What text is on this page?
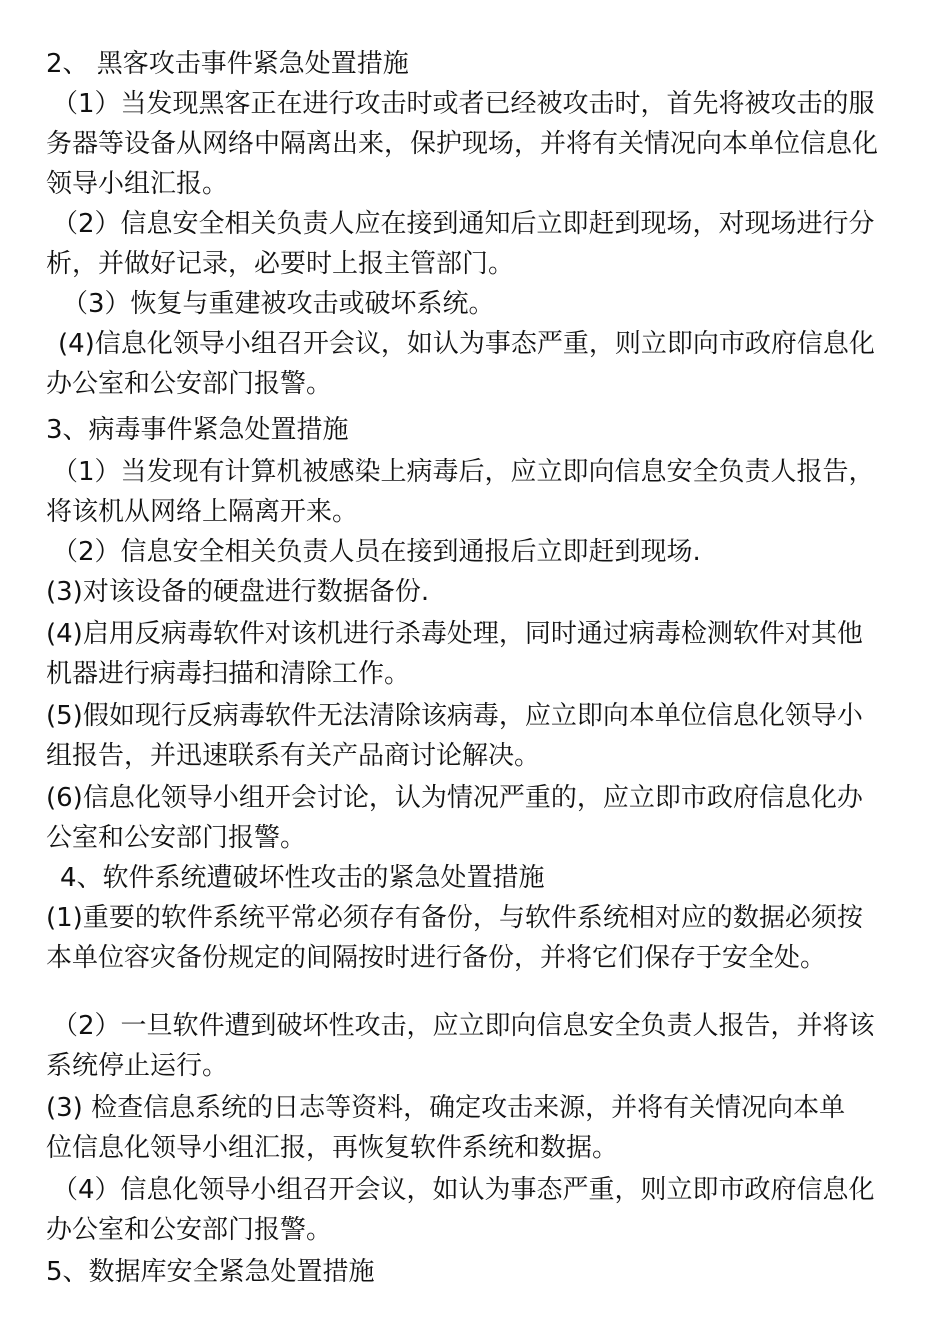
2、 黑客攻击事件紧急处置措施
（1）当发现黑客正在进行攻击时或者已经被攻击时，首先将被攻击的服
务器等设备从网络中隔离出来，保护现场，并将有关情况向本单位信息化
领导小组汇报。
（2）信息安全相关负责人应在接到通知后立即赶到现场，对现场进行分
析，并做好记录，必要时上报主管部门。
（3）恢复与重建被攻击或破坏系统。
(4)信息化领导小组召开会议，如认为事态严重，则立即向市政府信息化
办公室和公安部门报警。
3、病毒事件紧急处置措施
（1）当发现有计算机被感染上病毒后，应立即向信息安全负责人报告，
将该机从网络上隔离开来。
（2）信息安全相关负责人员在接到通报后立即赶到现场.
(3)对该设备的硬盘进行数据备份.
(4)启用反病毒软件对该机进行杀毒处理，同时通过病毒检测软件对其他
机器进行病毒扫描和清除工作。
(5)假如现行反病毒软件无法清除该病毒，应立即向本单位信息化领导小
组报告，并迅速联系有关产品商讨论解决。
(6)信息化领导小组开会讨论，认为情况严重的，应立即市政府信息化办
公室和公安部门报警。
4、软件系统遭破坏性攻击的紧急处置措施
(1)重要的软件系统平常必须存有备份，与软件系统相对应的数据必须按
本单位容灾备份规定的间隔按时进行备份，并将它们保存于安全处。
（2）一旦软件遭到破坏性攻击，应立即向信息安全负责人报告，并将该
系统停止运行。
(3) 检查信息系统的日志等资料，确定攻击来源，并将有关情况向本单
位信息化领导小组汇报，再恢复软件系统和数据。
（4）信息化领导小组召开会议，如认为事态严重，则立即市政府信息化
办公室和公安部门报警。
5、数据库安全紧急处置措施
